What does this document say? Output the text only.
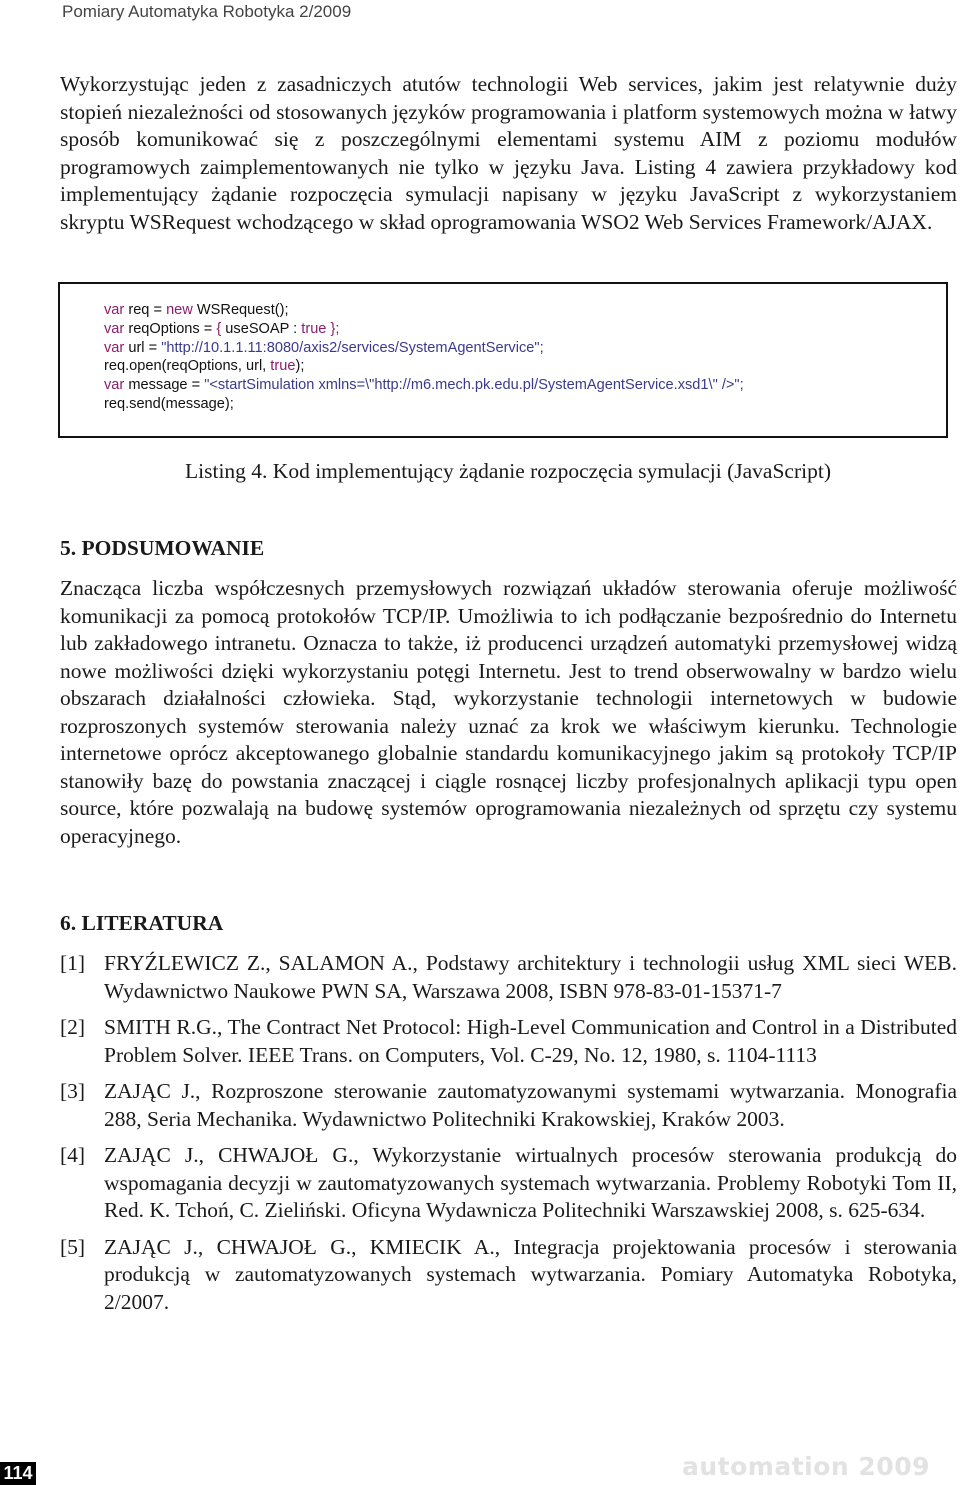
Pomiary Automatyka Robotyka 2/2009

Wykorzystując jeden z zasadniczych atutów technologii Web services, jakim jest relatywnie duży stopień niezależności od stosowanych języków programowania i platform systemowych można w łatwy sposób komunikować się z poszczególnymi elementami systemu AIM z poziomu modułów programowych zaimplementowanych nie tylko w języku Java. Listing 4 zawiera przykładowy kod implementujący żądanie rozpoczęcia symulacji napisany w języku JavaScript z wykorzystaniem skryptu WSRequest wchodzącego w skład oprogramowania WSO2 Web Services Framework/AJAX.

var req = new WSRequest();
var reqOptions = { useSOAP : true };
var url = "http://10.1.1.11:8080/axis2/services/SystemAgentService";
req.open(reqOptions, url, true);
var message = "<startSimulation xmlns=\"http://m6.mech.pk.edu.pl/SystemAgentService.xsd1\" />";
req.send(message);
Listing 4. Kod implementujący żądanie rozpoczęcia symulacji (JavaScript)
5. PODSUMOWANIE

Znacząca liczba współczesnych przemysłowych rozwiązań układów sterowania oferuje możliwość komunikacji za pomocą protokołów TCP/IP. Umożliwia to ich podłączanie bezpośrednio do Internetu lub zakładowego intranetu. Oznacza to także, iż producenci urządzeń automatyki przemysłowej widzą nowe możliwości dzięki wykorzystaniu potęgi Internetu. Jest to trend obserwowalny w bardzo wielu obszarach działalności człowieka. Stąd, wykorzystanie technologii internetowych w budowie rozproszonych systemów sterowania należy uznać za krok we właściwym kierunku. Technologie internetowe oprócz akceptowanego globalnie standardu komunikacyjnego jakim są protokoły TCP/IP stanowiły bazę do powstania znaczącej i ciągle rosnącej liczby profesjonalnych aplikacji typu open source, które pozwalają na budowę systemów oprogramowania niezależnych od sprzętu czy systemu operacyjnego.

6. LITERATURA
[1] FRYŹLEWICZ Z., SALAMON A., Podstawy architektury i technologii usług XML sieci WEB. Wydawnictwo Naukowe PWN SA, Warszawa 2008, ISBN 978-83-01-15371-7
[2] SMITH R.G., The Contract Net Protocol: High-Level Communication and Control in a Distributed Problem Solver. IEEE Trans. on Computers, Vol. C-29, No. 12, 1980, s. 1104-1113
[3] ZAJĄC J., Rozproszone sterowanie zautomatyzowanymi systemami wytwarzania. Monografia 288, Seria Mechanika. Wydawnictwo Politechniki Krakowskiej, Kraków 2003.
[4] ZAJĄC J., CHWAJOŁ G., Wykorzystanie wirtualnych procesów sterowania produkcją do wspomagania decyzji w zautomatyzowanych systemach wytwarzania. Problemy Robotyki Tom II, Red. K. Tchoń, C. Zieliński. Oficyna Wydawnicza Politechniki Warszawskiej 2008, s. 625-634.
[5] ZAJĄC J., CHWAJOŁ G., KMIECIK A., Integracja projektowania procesów i sterowania produkcją w zautomatyzowanych systemach wytwarzania. Pomiary Automatyka Robotyka, 2/2007.
114	automation 2009
